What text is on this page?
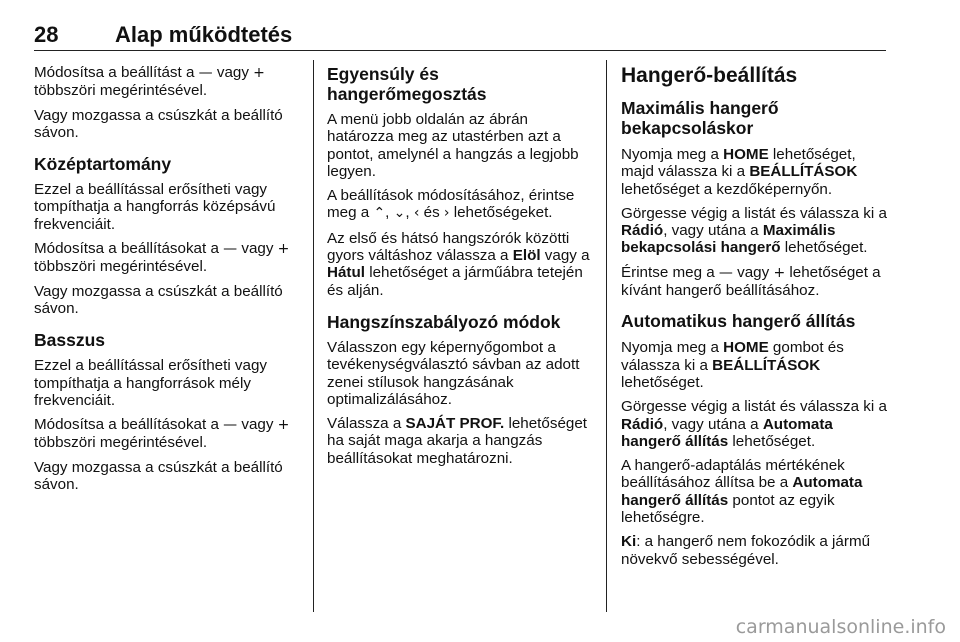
28	Alap működtetés

Módosítsa a beállítást a — vagy + többszöri megérintésével.

Vagy mozgassa a csúszkát a beállító sávon.

Középtartomány

Ezzel a beállítással erősítheti vagy tompíthatja a hangforrás középsávú frekvenciáit.

Módosítsa a beállításokat a — vagy + többszöri megérintésével.

Vagy mozgassa a csúszkát a beállító sávon.

Basszus

Ezzel a beállítással erősítheti vagy tompíthatja a hangforrások mély frekvenciáit.

Módosítsa a beállításokat a — vagy + többszöri megérintésével.

Vagy mozgassa a csúszkát a beállító sávon.

Egyensúly és hangerőmegosztás

A menü jobb oldalán az ábrán határozza meg az utastérben azt a pontot, amelynél a hangzás a legjobb legyen.

A beállítások módosításához, érintse meg a ⌃, ⌄, ‹ és › lehetőségeket.

Az első és hátsó hangszórók közötti gyors váltáshoz válassza a Elöl vagy a Hátul lehetőséget a járműábra tetején és alján.

Hangszínszabályozó módok

Válasszon egy képernyőgombot a tevékenységválasztó sávban az adott zenei stílusok hangzásának optimalizálásához.

Válassza a SAJÁT PROF. lehetőséget ha saját maga akarja a hangzás beállításokat meghatározni.

Hangerő-beállítás
Maximális hangerő bekapcsoláskor

Nyomja meg a HOME lehetőséget, majd válassza ki a BEÁLLÍTÁSOK lehetőséget a kezdőképernyőn.

Görgesse végig a listát és válassza ki a Rádió, vagy utána a Maximális bekapcsolási hangerő lehetőséget.

Érintse meg a — vagy + lehetőséget a kívánt hangerő beállításához.

Automatikus hangerő állítás

Nyomja meg a HOME gombot és válassza ki a BEÁLLÍTÁSOK lehetőséget.

Görgesse végig a listát és válassza ki a Rádió, vagy utána a Automata hangerő állítás lehetőséget.

A hangerő-adaptálás mértékének beállításához állítsa be a Automata hangerő állítás pontot az egyik lehetőségre.

Ki: a hangerő nem fokozódik a jármű növekvő sebességével.

carmanualsonline.info
